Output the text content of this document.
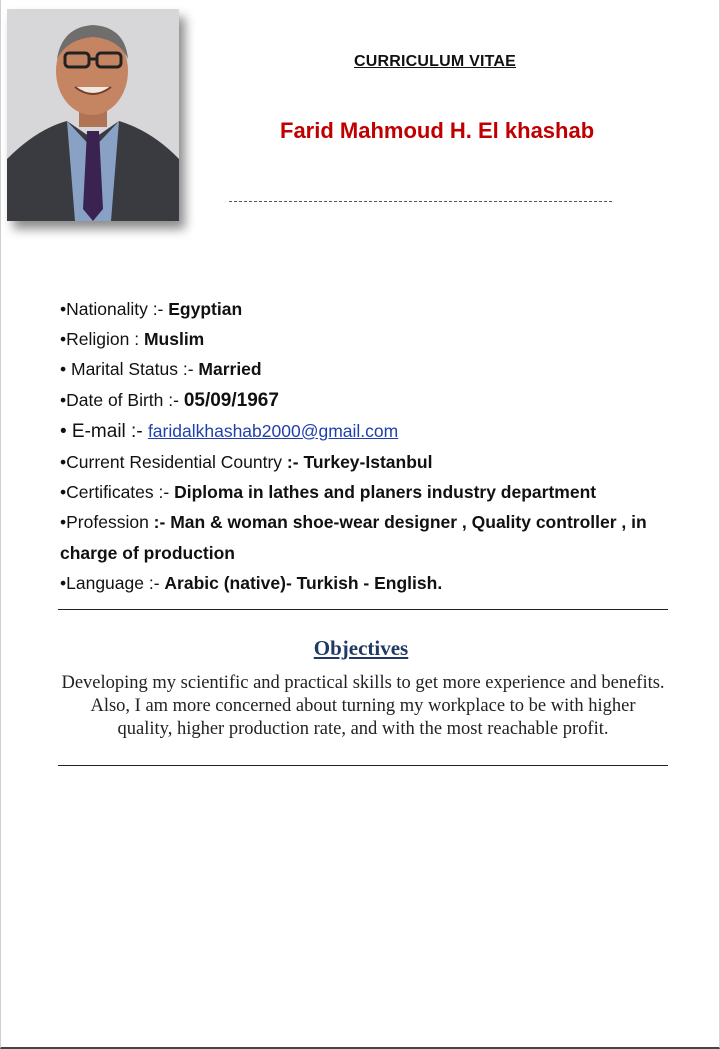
CURRICULUM VITAE
Farid Mahmoud H. El khashab
•Nationality :- Egyptian
•Religion : Muslim
• Marital Status :- Married
•Date of Birth :- 05/09/1967
• E-mail :- faridalkhashab2000@gmail.com
•Current Residential Country :- Turkey-Istanbul
•Certificates :- Diploma in lathes and planers industry department
•Profession :- Man & woman shoe-wear designer , Quality controller , in charge of production
•Language :- Arabic (native)- Turkish - English.
Objectives
Developing my scientific and practical skills to get more experience and benefits. Also, I am more concerned about turning my workplace to be with higher quality, higher production rate, and with the most reachable profit.
